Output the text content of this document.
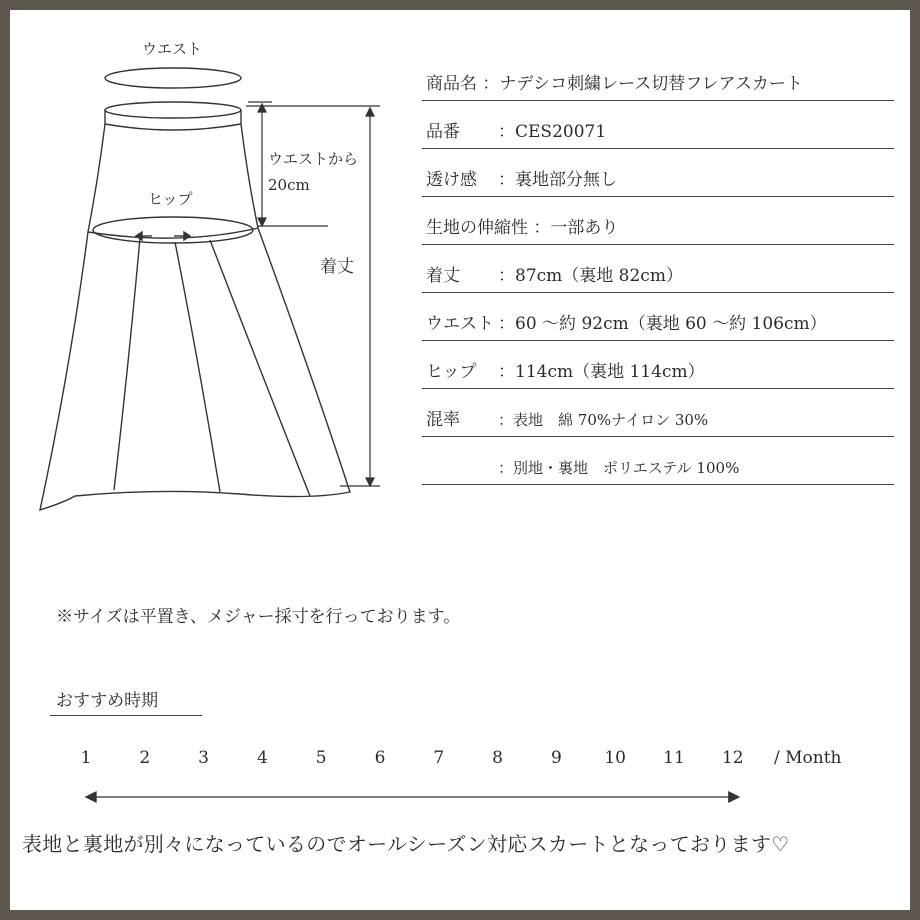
ウエスト
ウエストから
20cm
ヒップ
着丈
商品名 ：ナデシコ刺繍レース切替フレアスカート
品番 ：CES20071
透け感 ：裏地部分無し
生地の伸縮性 ：一部あり
着丈 ：87cm（裏地 82cm）
ウエスト ：60 〜約 92cm（裏地 60 〜約 106cm）
ヒップ ：114cm（裏地 114cm）
混率	：表地　綿 70%ナイロン 30%
：別地・裏地　ポリエステル 100%
※サイズは平置き、メジャー採寸を行っております。
おすすめ時期
1	2	3	4	5	6	7	8	9	10	11	12	/ Month
表地と裏地が別々になっているのでオールシーズン対応スカートとなっております♡
